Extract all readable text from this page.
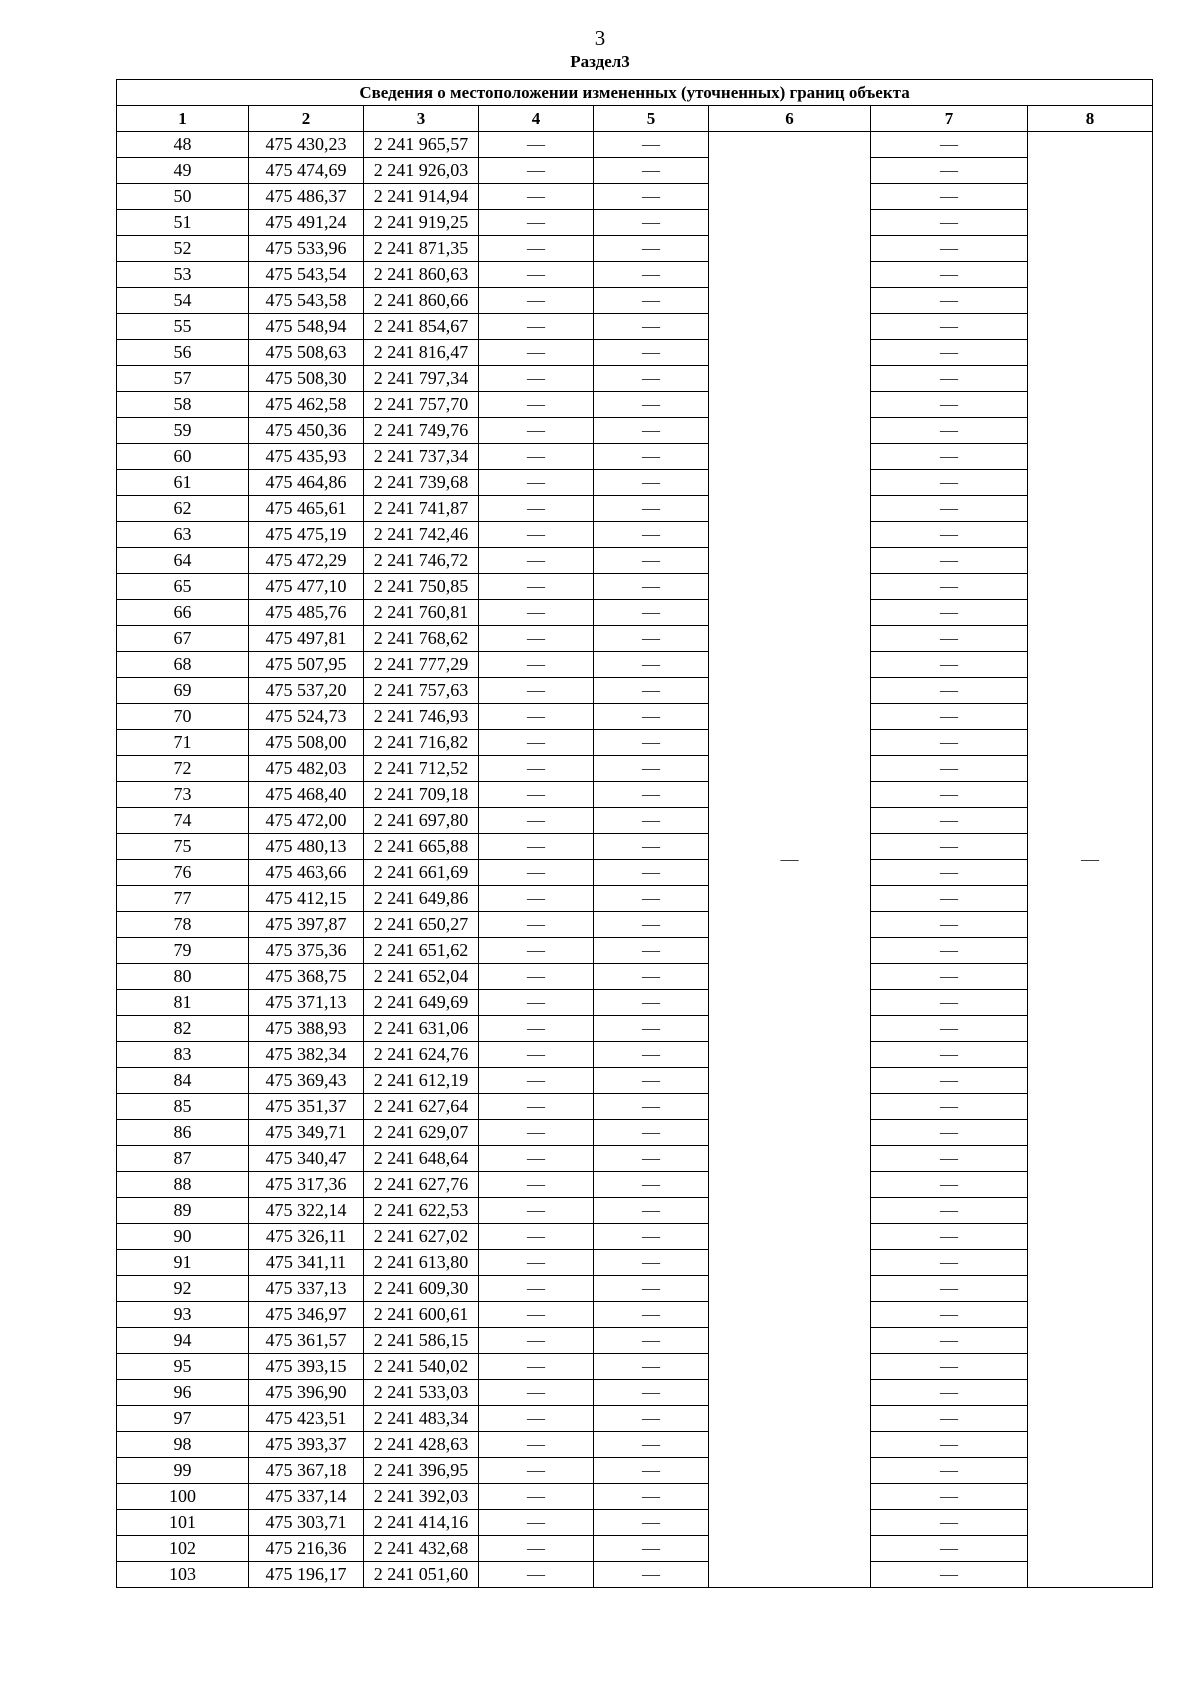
3
Раздел3
Сведения о местоположении измененных (уточненных) границ объекта							
1	2	3	4	5	6	7	8
48	475 430,23	2 241 965,57	—	—	—	—	—
49	475 474,69	2 241 926,03	—	—		—	
50	475 486,37	2 241 914,94	—	—		—	
51	475 491,24	2 241 919,25	—	—		—	
52	475 533,96	2 241 871,35	—	—		—	
53	475 543,54	2 241 860,63	—	—		—	
54	475 543,58	2 241 860,66	—	—		—	
55	475 548,94	2 241 854,67	—	—		—	
56	475 508,63	2 241 816,47	—	—		—	
57	475 508,30	2 241 797,34	—	—		—	
58	475 462,58	2 241 757,70	—	—		—	
59	475 450,36	2 241 749,76	—	—		—	
60	475 435,93	2 241 737,34	—	—		—	
61	475 464,86	2 241 739,68	—	—		—	
62	475 465,61	2 241 741,87	—	—		—	
63	475 475,19	2 241 742,46	—	—		—	
64	475 472,29	2 241 746,72	—	—		—	
65	475 477,10	2 241 750,85	—	—		—	
66	475 485,76	2 241 760,81	—	—		—	
67	475 497,81	2 241 768,62	—	—		—	
68	475 507,95	2 241 777,29	—	—		—	
69	475 537,20	2 241 757,63	—	—		—	
70	475 524,73	2 241 746,93	—	—		—	
71	475 508,00	2 241 716,82	—	—		—	
72	475 482,03	2 241 712,52	—	—		—	
73	475 468,40	2 241 709,18	—	—		—	
74	475 472,00	2 241 697,80	—	—		—	
75	475 480,13	2 241 665,88	—	—		—	
76	475 463,66	2 241 661,69	—	—		—	
77	475 412,15	2 241 649,86	—	—		—	
78	475 397,87	2 241 650,27	—	—		—	
79	475 375,36	2 241 651,62	—	—		—	
80	475 368,75	2 241 652,04	—	—		—	
81	475 371,13	2 241 649,69	—	—		—	
82	475 388,93	2 241 631,06	—	—		—	
83	475 382,34	2 241 624,76	—	—		—	
84	475 369,43	2 241 612,19	—	—		—	
85	475 351,37	2 241 627,64	—	—		—	
86	475 349,71	2 241 629,07	—	—		—	
87	475 340,47	2 241 648,64	—	—		—	
88	475 317,36	2 241 627,76	—	—		—	
89	475 322,14	2 241 622,53	—	—		—	
90	475 326,11	2 241 627,02	—	—		—	
91	475 341,11	2 241 613,80	—	—		—	
92	475 337,13	2 241 609,30	—	—		—	
93	475 346,97	2 241 600,61	—	—		—	
94	475 361,57	2 241 586,15	—	—		—	
95	475 393,15	2 241 540,02	—	—		—	
96	475 396,90	2 241 533,03	—	—		—	
97	475 423,51	2 241 483,34	—	—		—	
98	475 393,37	2 241 428,63	—	—		—	
99	475 367,18	2 241 396,95	—	—		—	
100	475 337,14	2 241 392,03	—	—		—	
101	475 303,71	2 241 414,16	—	—		—	
102	475 216,36	2 241 432,68	—	—		—	
103	475 196,17	2 241 051,60	—	—		—	
